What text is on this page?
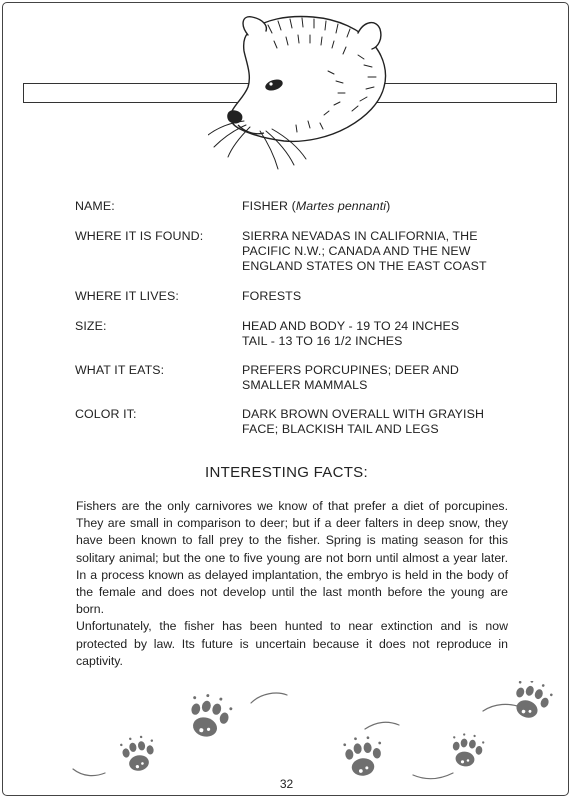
NAME:	FISHER (Martes pennanti)
WHERE IT IS FOUND:	SIERRA NEVADAS IN CALIFORNIA, THE
PACIFIC N.W.; CANADA AND THE NEW
ENGLAND STATES ON THE EAST COAST
WHERE IT LIVES:	FORESTS
SIZE:	HEAD AND BODY - 19 TO 24 INCHES
TAIL - 13 TO 16 1/2 INCHES
WHAT IT EATS:	PREFERS PORCUPINES; DEER AND
SMALLER MAMMALS
COLOR IT:	DARK BROWN OVERALL WITH GRAYISH
FACE; BLACKISH TAIL AND LEGS
INTERESTING FACTS:

Fishers are the only carnivores we know of that prefer a diet of porcupines. They are small in comparison to deer; but if a deer falters in deep snow, they have been known to fall prey to the fisher. Spring is mating season for this solitary animal; but the one to five young are not born until almost a year later. In a process known as delayed implantation, the embryo is held in the body of the female and does not develop until the last month before the young are born.

Unfortunately, the fisher has been hunted to near extinction and is now protected by law. Its future is uncertain because it does not reproduce in captivity.

32
